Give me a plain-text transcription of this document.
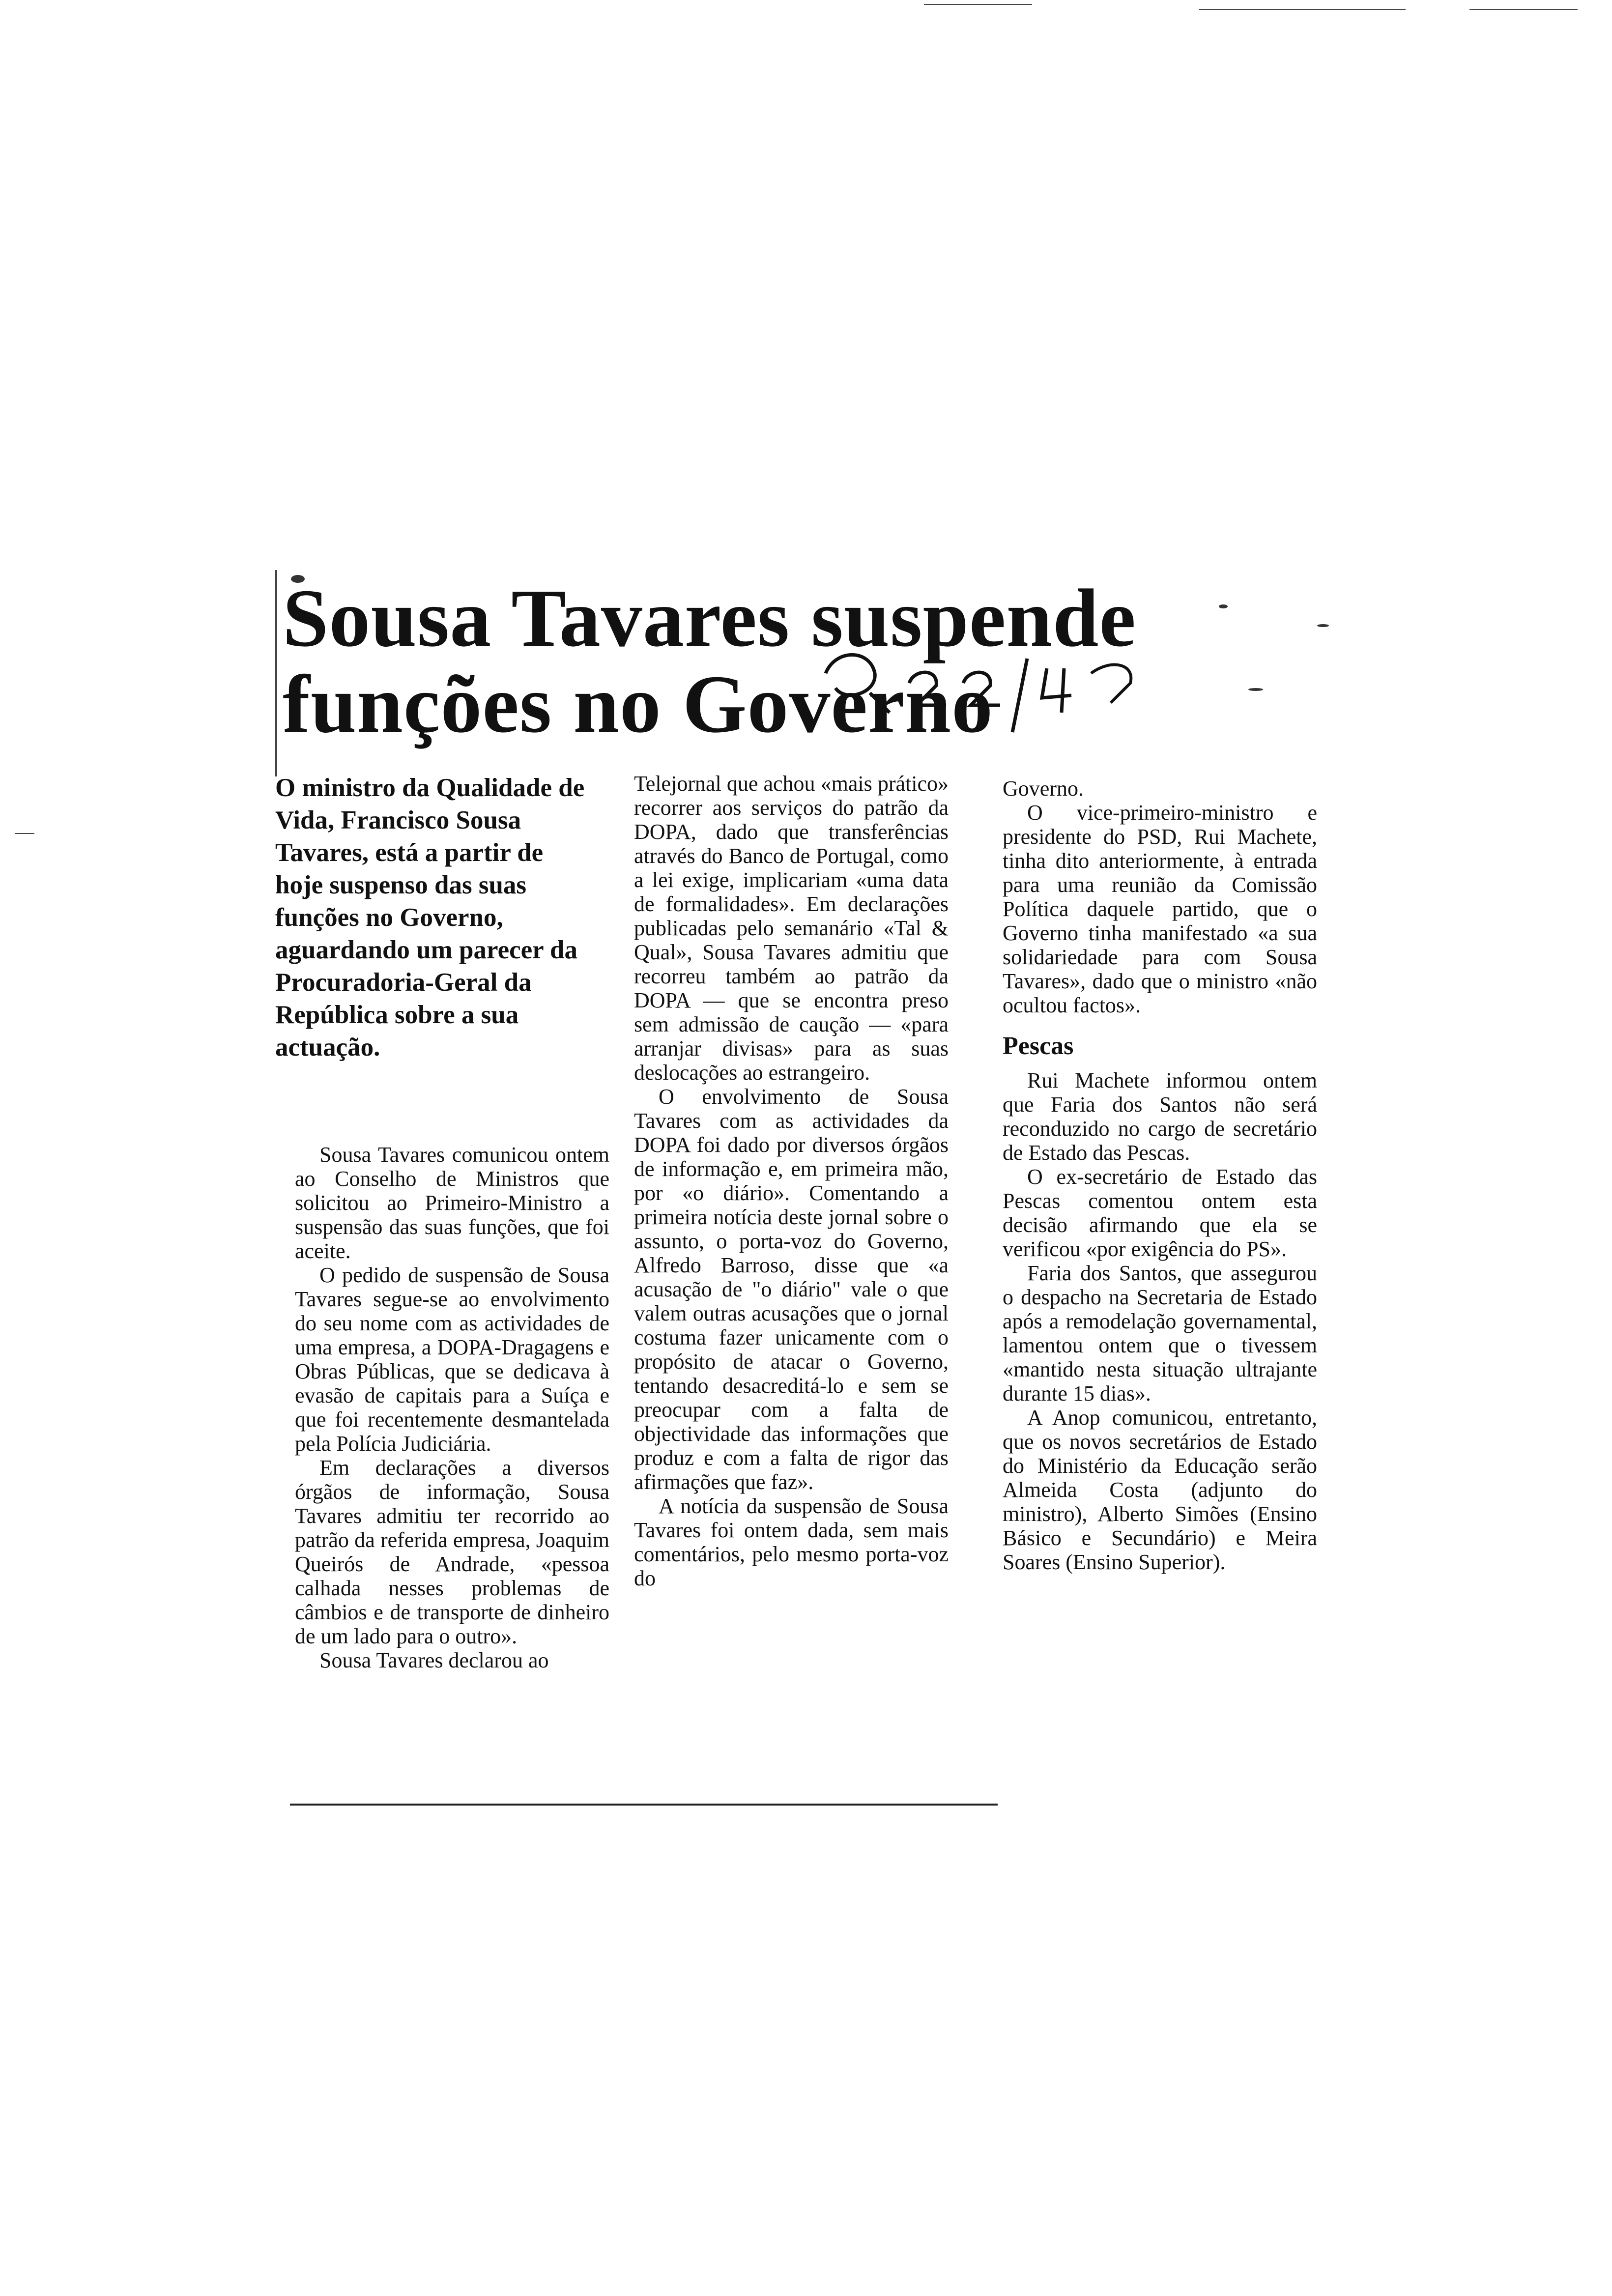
Sousa Tavares suspende
funções no Governo

O ministro da Qualidade de Vida, Francisco Sousa Tavares, está a partir de hoje suspenso das suas funções no Governo, aguardando um parecer da Procuradoria-Geral da República sobre a sua actuação.

Sousa Tavares comunicou ontem ao Conselho de Ministros que solicitou ao Primeiro-Ministro a suspensão das suas funções, que foi aceite.

O pedido de suspensão de Sousa Tavares segue-se ao envolvimento do seu nome com as actividades de uma empresa, a DOPA-Dragagens e Obras Públicas, que se dedicava à evasão de capitais para a Suíça e que foi recentemente desmantelada pela Polícia Judiciária.

Em declarações a diversos órgãos de informação, Sousa Tavares admitiu ter recorrido ao patrão da referida empresa, Joaquim Queirós de Andrade, «pessoa calhada nesses problemas de câmbios e de transporte de dinheiro de um lado para o outro».

Sousa Tavares declarou ao

Telejornal que achou «mais prático» recorrer aos serviços do patrão da DOPA, dado que transferências através do Banco de Portugal, como a lei exige, implicariam «uma data de formalidades». Em declarações publicadas pelo semanário «Tal & Qual», Sousa Tavares admitiu que recorreu também ao patrão da DOPA — que se encontra preso sem admissão de caução — «para arranjar divisas» para as suas deslocações ao estrangeiro.

O envolvimento de Sousa Tavares com as actividades da DOPA foi dado por diversos órgãos de informação e, em primeira mão, por «o diário». Comentando a primeira notícia deste jornal sobre o assunto, o porta-voz do Governo, Alfredo Barroso, disse que «a acusação de "o diário" vale o que valem outras acusações que o jornal costuma fazer unicamente com o propósito de atacar o Governo, tentando desacreditá-lo e sem se preocupar com a falta de objectividade das informações que produz e com a falta de rigor das afirmações que faz».

A notícia da suspensão de Sousa Tavares foi ontem dada, sem mais comentários, pelo mesmo porta-voz do

Governo.

O vice-primeiro-ministro e presidente do PSD, Rui Machete, tinha dito anteriormente, à entrada para uma reunião da Comissão Política daquele partido, que o Governo tinha manifestado «a sua solidariedade para com Sousa Tavares», dado que o ministro «não ocultou factos».

Pescas

Rui Machete informou ontem que Faria dos Santos não será reconduzido no cargo de secretário de Estado das Pescas.

O ex-secretário de Estado das Pescas comentou ontem esta decisão afirmando que ela se verificou «por exigência do PS».

Faria dos Santos, que assegurou o despacho na Secretaria de Estado após a remodelação governamental, lamentou ontem que o tivessem «mantido nesta situação ultrajante durante 15 dias».

A Anop comunicou, entretanto, que os novos secretários de Estado do Ministério da Educação serão Almeida Costa (adjunto do ministro), Alberto Simões (Ensino Básico e Secundário) e Meira Soares (Ensino Superior).
